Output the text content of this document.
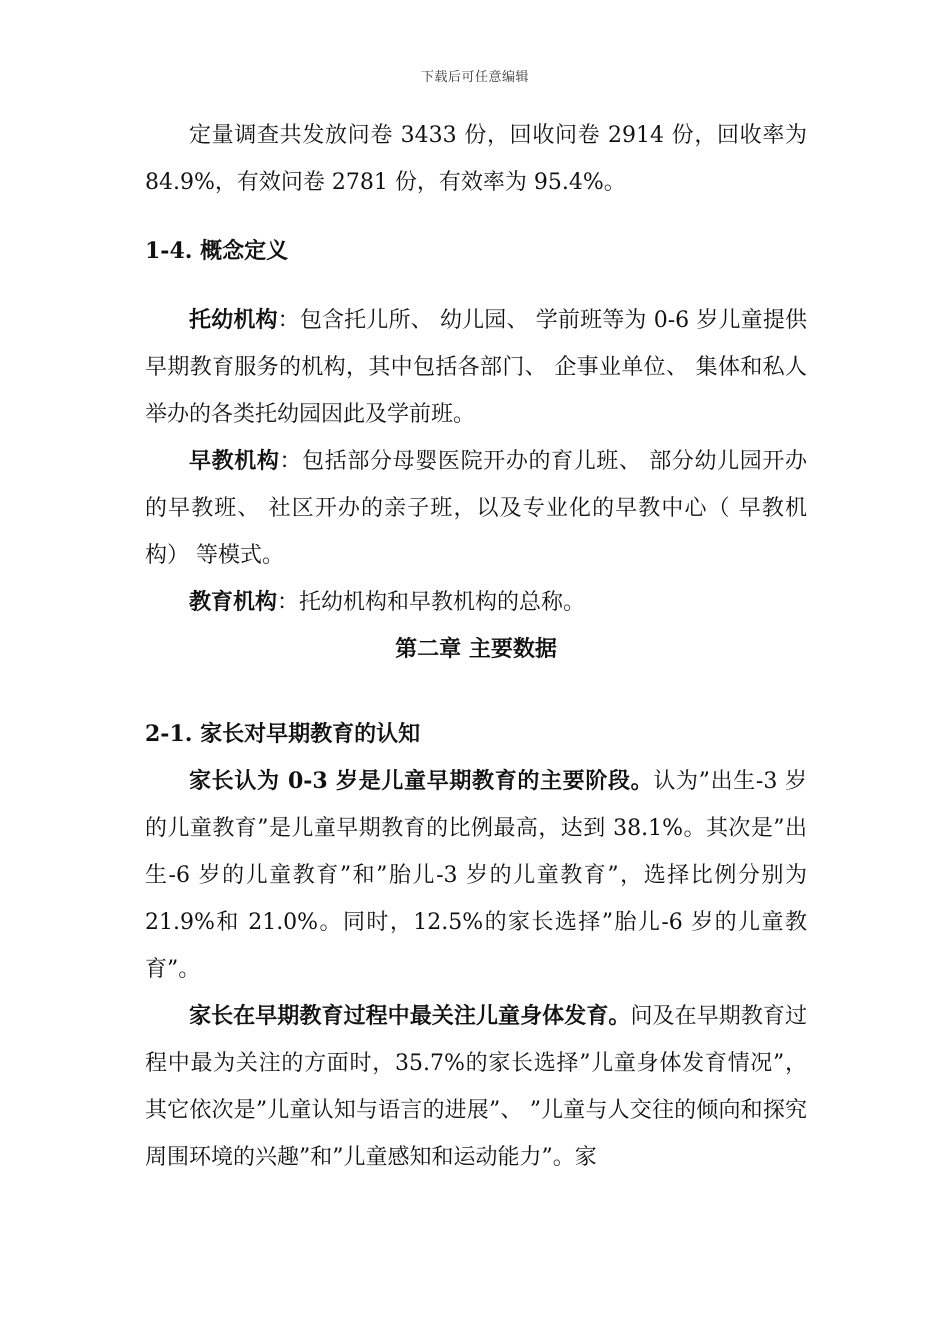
下载后可任意编辑

定量调查共发放问卷 3433 份，回收问卷 2914 份，回收率为 84.9%，有效问卷 2781 份，有效率为 95.4%。

1-4. 概念定义

托幼机构：包含托儿所、 幼儿园、 学前班等为 0-6 岁儿童提供早期教育服务的机构，其中包括各部门、 企事业单位、 集体和私人举办的各类托幼园因此及学前班。

早教机构：包括部分母婴医院开办的育儿班、 部分幼儿园开办的早教班、 社区开办的亲子班，以及专业化的早教中心（ 早教机构） 等模式。

教育机构：托幼机构和早教机构的总称。

第二章 主要数据

2-1. 家长对早期教育的认知

家长认为 0-3 岁是儿童早期教育的主要阶段。认为”出生-3 岁的儿童教育”是儿童早期教育的比例最高，达到 38.1%。其次是”出生-6 岁的儿童教育”和”胎儿-3 岁的儿童教育”，选择比例分别为 21.9%和 21.0%。同时，12.5%的家长选择”胎儿-6 岁的儿童教育”。

家长在早期教育过程中最关注儿童身体发育。问及在早期教育过程中最为关注的方面时，35.7%的家长选择”儿童身体发育情况”，其它依次是”儿童认知与语言的进展”、 ”儿童与人交往的倾向和探究周围环境的兴趣”和”儿童感知和运动能力”。家
